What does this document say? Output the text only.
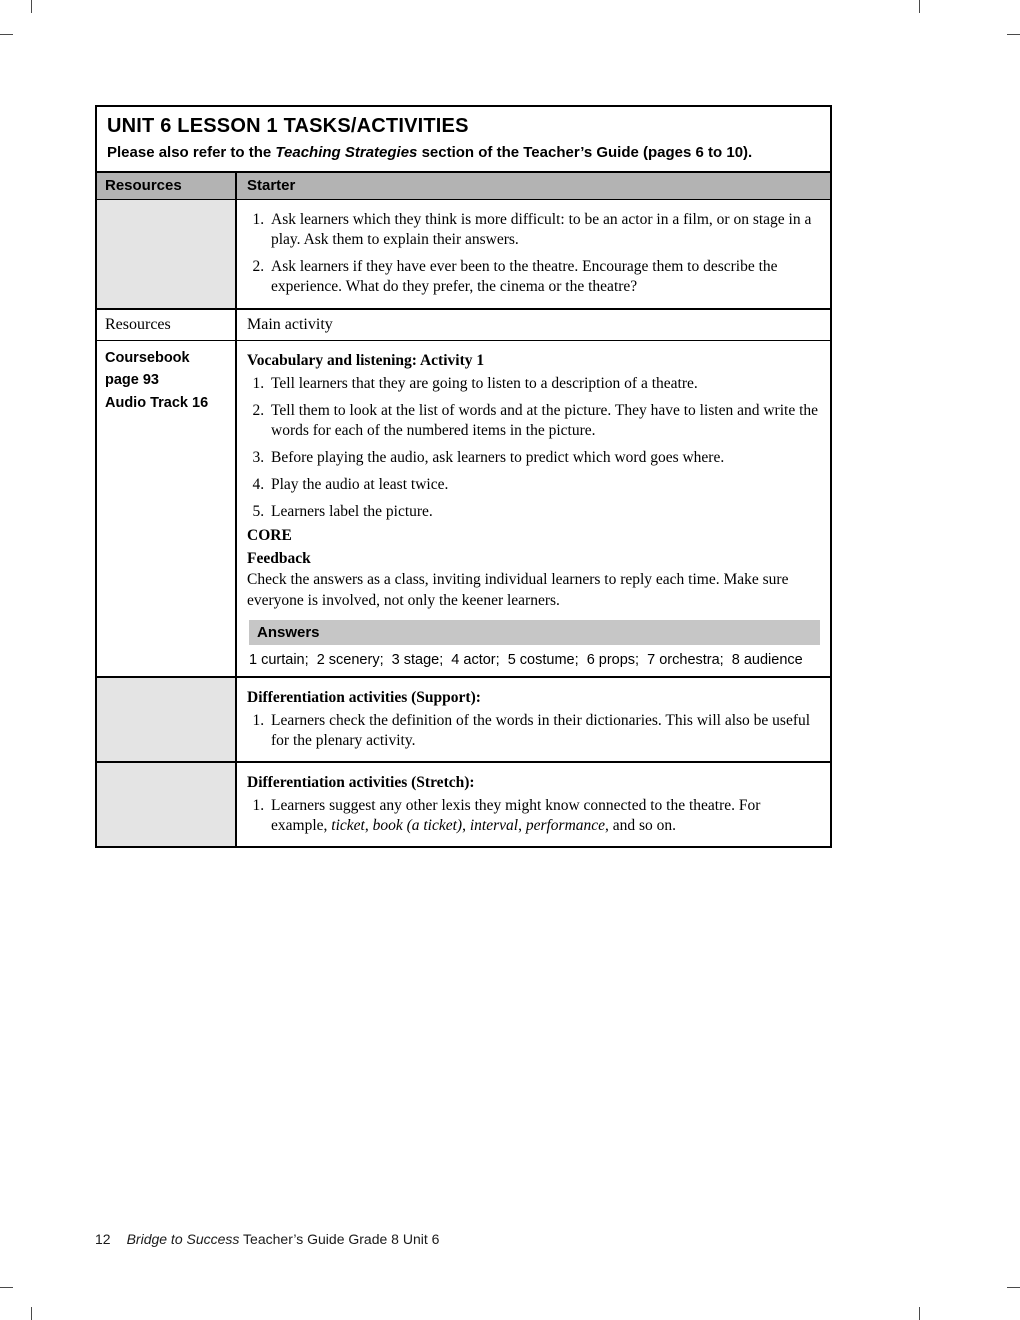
UNIT 6 LESSON 1 TASKS/ACTIVITIES
Please also refer to the Teaching Strategies section of the Teacher’s Guide (pages 6 to 10).
Resources	Starter
1. Ask learners which they think is more difficult: to be an actor in a film, or on stage in a play. Ask them to explain their answers.
2. Ask learners if they have ever been to the theatre. Encourage them to describe the experience. What do they prefer, the cinema or the theatre?
Resources	Main activity
Coursebook
page 93
Audio Track 16
Vocabulary and listening: Activity 1
1. Tell learners that they are going to listen to a description of a theatre.
2. Tell them to look at the list of words and at the picture. They have to listen and write the words for each of the numbered items in the picture.
3. Before playing the audio, ask learners to predict which word goes where.
4. Play the audio at least twice.
5. Learners label the picture.
CORE
Feedback

Check the answers as a class, inviting individual learners to reply each time. Make sure everyone is involved, not only the keener learners.

Answers

1 curtain;  2 scenery;  3 stage;  4 actor;  5 costume;  6 props;  7 orchestra;  8 audience

Differentiation activities (Support):
1. Learners check the definition of the words in their dictionaries. This will also be useful for the plenary activity.
Differentiation activities (Stretch):
1. Learners suggest any other lexis they might know connected to the theatre. For example, ticket, book (a ticket), interval, performance, and so on.
12 Bridge to Success Teacher’s Guide Grade 8 Unit 6
